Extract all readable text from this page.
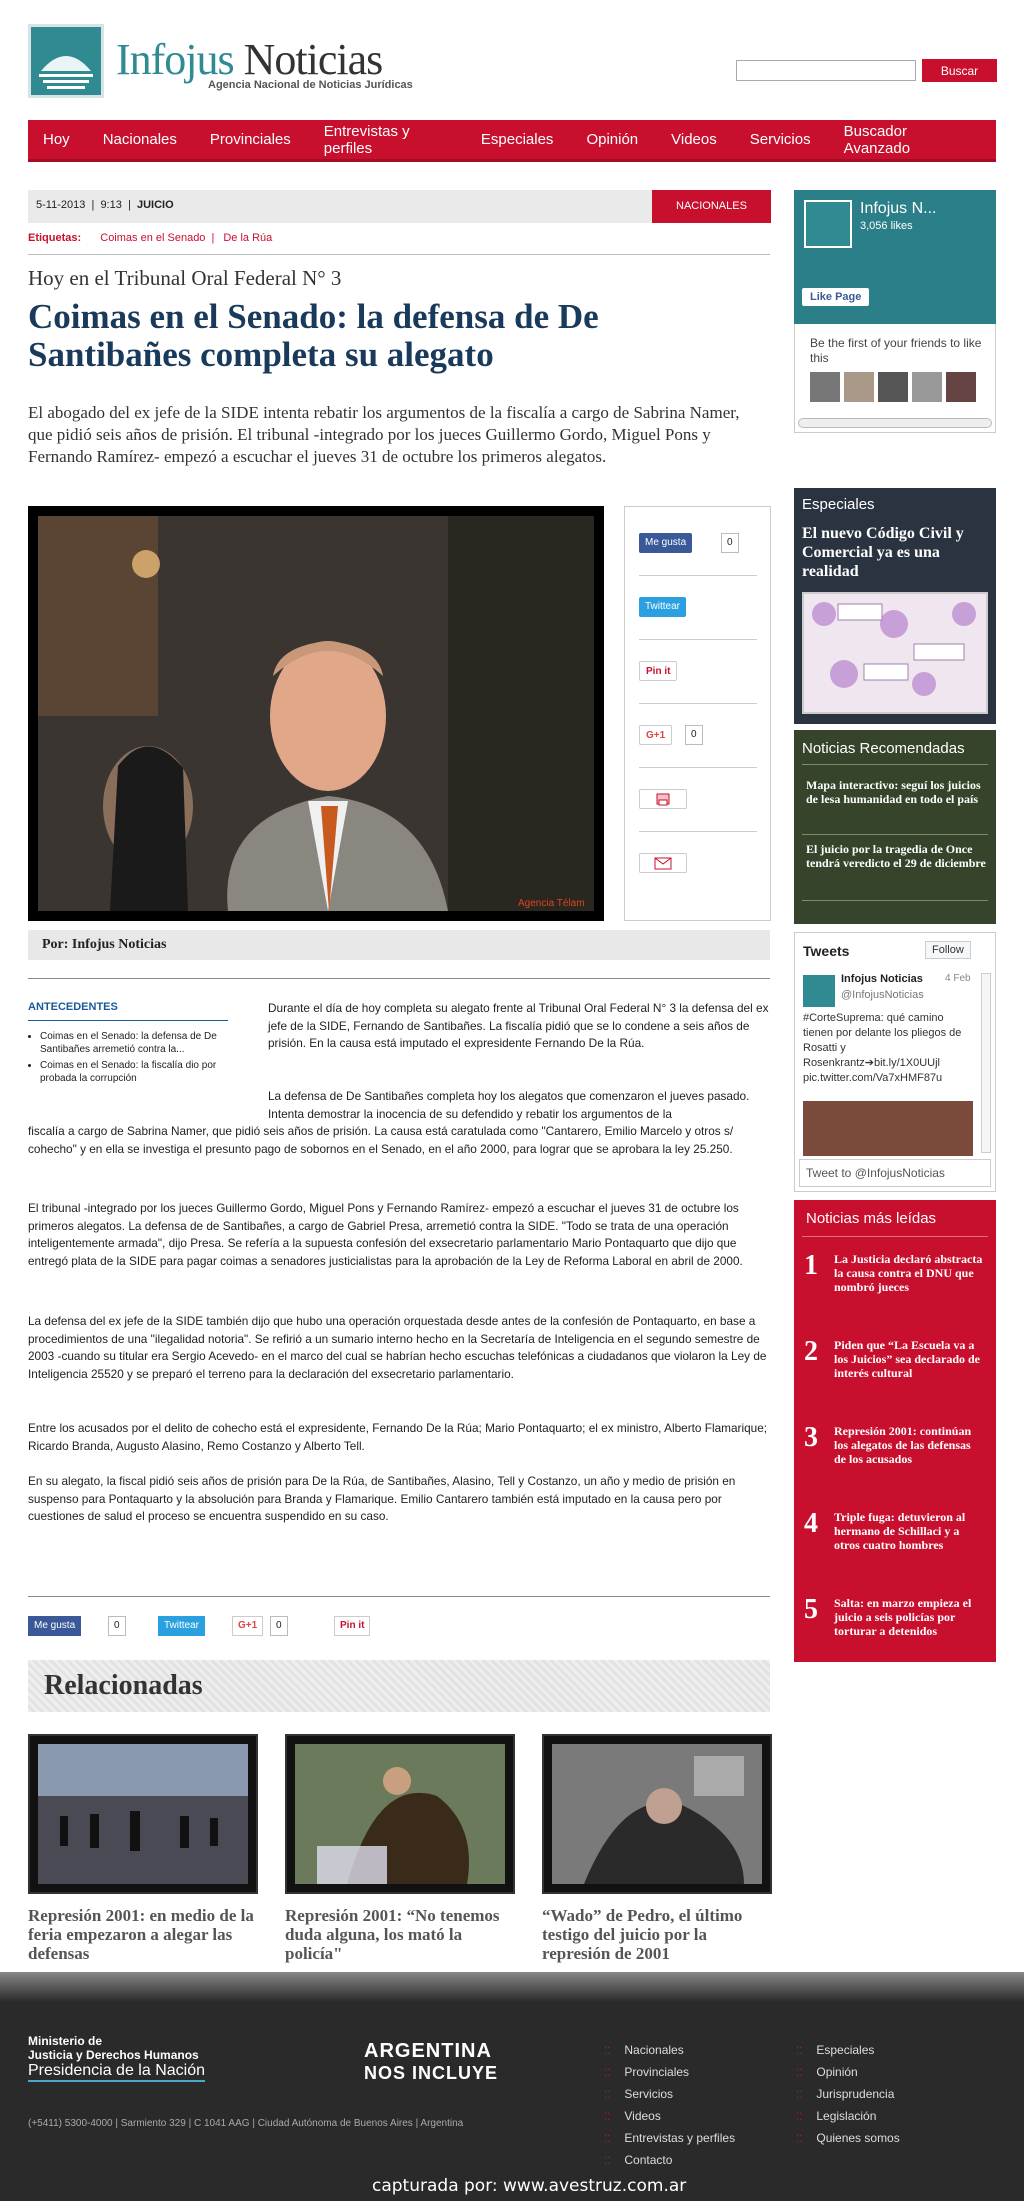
Infojus Noticias
Agencia Nacional de Noticias Jurídicas
Buscar
Hoy Nacionales Provinciales Entrevistas y perfiles	Especiales Opinión Videos Servicios Buscador Avanzado
5-11-2013  |  9:13  |  JUICIO	NACIONALES
Etiquetas: Coimas en el Senado | De la Rúa
Hoy en el Tribunal Oral Federal N° 3
Coimas en el Senado: la defensa de De Santibañes completa su alegato
El abogado del ex jefe de la SIDE intenta rebatir los argumentos de la fiscalía a cargo de Sabrina Namer, que pidió seis años de prisión. El tribunal -integrado por los jueces Guillermo Gordo, Miguel Pons y Fernando Ramírez- empezó a escuchar el jueves 31 de octubre los primeros alegatos.
Agencia Télam
Me gusta	0
Twittear
Pin it
G+1	0
Por: Infojus Noticias
ANTECEDENTES
• Coimas en el Senado: la defensa de De Santibañes arremetió contra la...
• Coimas en el Senado: la fiscalía dio por probada la corrupción
Durante el día de hoy completa su alegato frente al Tribunal Oral Federal N° 3 la defensa del ex jefe de la SIDE, Fernando de Santibañes. La fiscalía pidió que se lo condene a seis años de prisión. En la causa está imputado el expresidente Fernando De la Rúa.
La defensa de De Santibañes completa hoy los alegatos que comenzaron el jueves pasado. Intenta demostrar la inocencia de su defendido y rebatir los argumentos de la
fiscalía a cargo de Sabrina Namer, que pidió seis años de prisión. La causa está caratulada como "Cantarero, Emilio Marcelo y otros s/ cohecho" y en ella se investiga el presunto pago de sobornos en el Senado, en el año 2000, para lograr que se aprobara la ley 25.250.
El tribunal -integrado por los jueces Guillermo Gordo, Miguel Pons y Fernando Ramírez- empezó a escuchar el jueves 31 de octubre los primeros alegatos. La defensa de de Santibañes, a cargo de Gabriel Presa, arremetió contra la SIDE. "Todo se trata de una operación inteligentemente armada", dijo Presa. Se refería a la supuesta confesión del exsecretario parlamentario Mario Pontaquarto que dijo que entregó plata de la SIDE para pagar coimas a senadores justicialistas para la aprobación de la Ley de Reforma Laboral en abril de 2000.
La defensa del ex jefe de la SIDE también dijo que hubo una operación orquestada desde antes de la confesión de Pontaquarto, en base a procedimientos de una "ilegalidad notoria". Se refirió a un sumario interno hecho en la Secretaría de Inteligencia en el segundo semestre de 2003 -cuando su titular era Sergio Acevedo- en el marco del cual se habrían hecho escuchas telefónicas a ciudadanos que violaron la Ley de Inteligencia 25520 y se preparó el terreno para la declaración del exsecretario parlamentario.
Entre los acusados por el delito de cohecho está el expresidente, Fernando De la Rúa; Mario Pontaquarto; el ex ministro, Alberto Flamarique; Ricardo Branda, Augusto Alasino, Remo Costanzo y Alberto Tell.
En su alegato, la fiscal pidió seis años de prisión para De la Rúa, de Santibañes, Alasino, Tell y Costanzo, un año y medio de prisión en suspenso para Pontaquarto y la absolución para Branda y Flamarique. Emilio Cantarero también está imputado en la causa pero por cuestiones de salud el proceso se encuentra suspendido en su caso.
Me gusta	0	Twittear	G+1	0	Pin it
Relacionadas
Represión 2001: en medio de la feria empezaron a alegar las defensas
Represión 2001: “No tenemos duda alguna, los mató la policía"
“Wado” de Pedro, el último testigo del juicio por la represión de 2001
Infojus N...
3,056 likes
Like Page
Be the first of your friends to like this
Especiales
El nuevo Código Civil y Comercial ya es una realidad
Noticias Recomendadas
Mapa interactivo: seguí los juicios de lesa humanidad en todo el país
El juicio por la tragedia de Once tendrá veredicto el 29 de diciembre
Tweets	Follow
Infojus Noticias 4 Feb
@InfojusNoticias
#CorteSuprema: qué camino tienen por delante los pliegos de Rosatti y Rosenkrantz➔bit.ly/1X0UUjl pic.twitter.com/Va7xHMF87u
Tweet to @InfojusNoticias
Noticias más leídas
1 La Justicia declaró abstracta la causa contra el DNU que nombró jueces
2 Piden que “La Escuela va a los Juicios” sea declarado de interés cultural
3 Represión 2001: continúan los alegatos de las defensas de los acusados
4 Triple fuga: detuvieron al hermano de Schillaci y a otros cuatro hombres
5 Salta: en marzo empieza el juicio a seis policías por torturar a detenidos
Ministerio de
Justicia y Derechos Humanos
Presidencia de la Nación
ARGENTINA
NOS INCLUYE
(+5411) 5300-4000 | Sarmiento 329 | C 1041 AAG | Ciudad Autónoma de Buenos Aires | Argentina
⁚⁚ Nacionales
⁚⁚ Provinciales
⁚⁚ Servicios
⁚⁚ Videos
⁚⁚ Entrevistas y perfiles
⁚⁚ Contacto
⁚⁚ Especiales
⁚⁚ Opinión
⁚⁚ Jurisprudencia
⁚⁚ Legislación
⁚⁚ Quienes somos
capturada por: www.avestruz.com.ar
